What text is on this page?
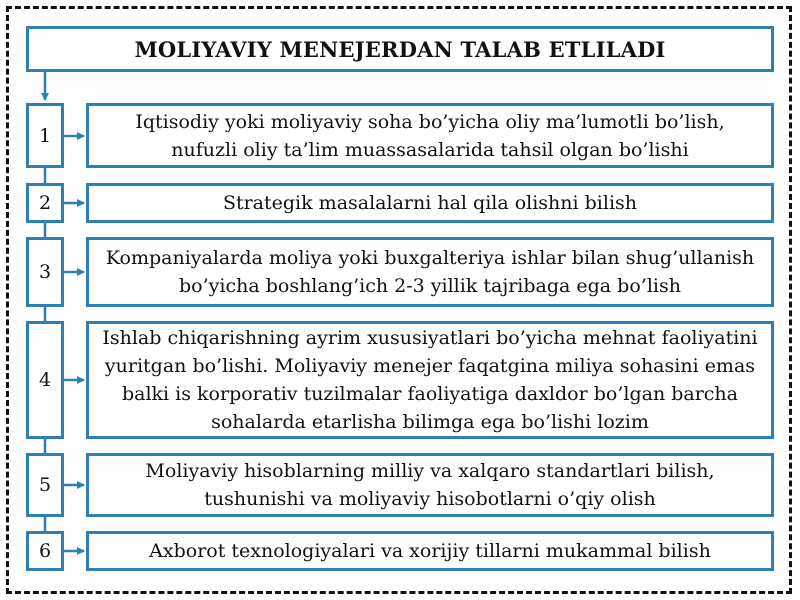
MOLIYAVIY MENEJERDAN TALAB ETLILADI
1
Iqtisodiy yoki moliyaviy soha bo’yicha oliy ma’lumotli bo’lish,
nufuzli oliy ta’lim muassasalarida tahsil olgan bo’lishi
2	Strategik masalalarni hal qila olishni bilish
3
Kompaniyalarda moliya yoki buxgalteriya ishlar bilan shug’ullanish
bo’yicha boshlang’ich 2-3 yillik tajribaga ega bo’lish
4
Ishlab chiqarishning ayrim xususiyatlari bo’yicha mehnat faoliyatini
yuritgan bo’lishi. Moliyaviy menejer faqatgina miliya sohasini emas
balki is korporativ tuzilmalar faoliyatiga daxldor bo’lgan barcha
sohalarda etarlisha bilimga ega bo’lishi lozim
5
Moliyaviy hisoblarning milliy va xalqaro standartlari bilish,
tushunishi va moliyaviy hisobotlarni o’qiy olish
6	Axborot texnologiyalari va xorijiy tillarni mukammal bilish
